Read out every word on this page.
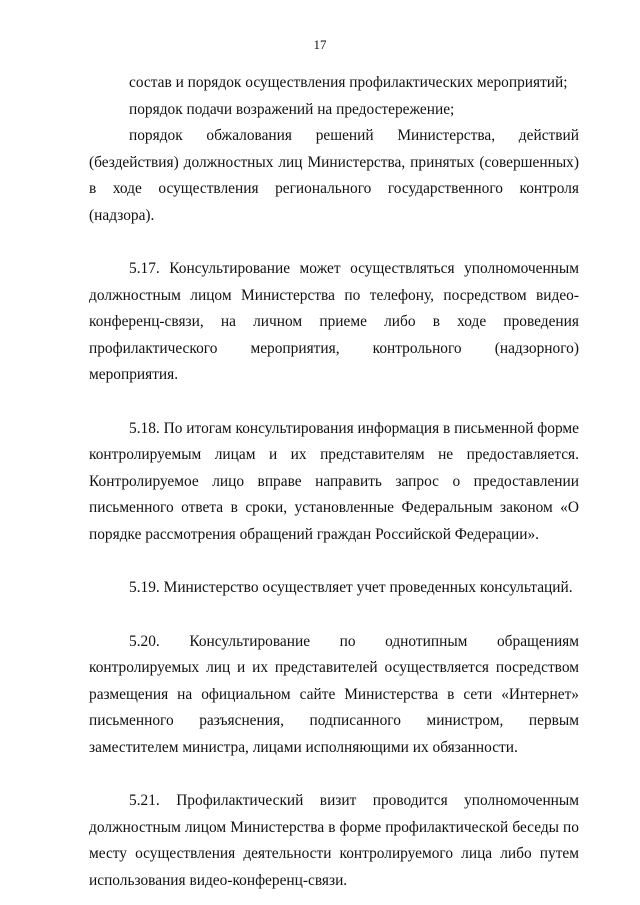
17

состав и порядок осуществления профилактических мероприятий;

порядок подачи возражений на предостережение;

порядок обжалования решений Министерства, действий (бездействия) должностных лиц Министерства, принятых (совершенных) в ходе осуществления регионального государственного контроля (надзора).

5.17. Консультирование может осуществляться уполномоченным должностным лицом Министерства по телефону, посредством видео-конференц-связи, на личном приеме либо в ходе проведения профилактического мероприятия, контрольного (надзорного) мероприятия.

5.18. По итогам консультирования информация в письменной форме контролируемым лицам и их представителям не предоставляется. Контролируемое лицо вправе направить запрос о предоставлении письменного ответа в сроки, установленные Федеральным законом «О порядке рассмотрения обращений граждан Российской Федерации».

5.19. Министерство осуществляет учет проведенных консультаций.

5.20. Консультирование по однотипным обращениям контролируемых лиц и их представителей осуществляется посредством размещения на официальном сайте Министерства в сети «Интернет» письменного разъяснения, подписанного министром, первым заместителем министра, лицами исполняющими их обязанности.

5.21. Профилактический визит проводится уполномоченным должностным лицом Министерства в форме профилактической беседы по месту осуществления деятельности контролируемого лица либо путем использования видео-конференц-связи.
